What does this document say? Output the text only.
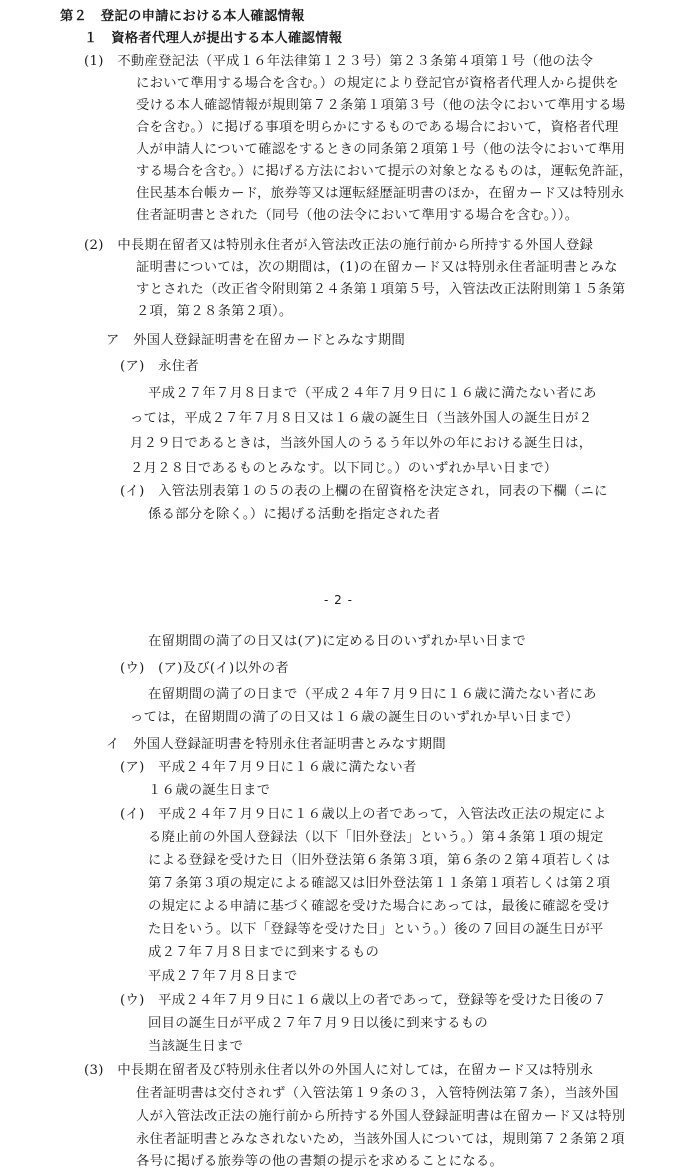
第２　登記の申請における本人確認情報
１　資格者代理人が提出する本人確認情報
(1)　不動産登記法（平成１６年法律第１２３号）第２３条第４項第１号（他の法令
において準用する場合を含む。）の規定により登記官が資格者代理人から提供を
受ける本人確認情報が規則第７２条第１項第３号（他の法令において準用する場
合を含む。）に掲げる事項を明らかにするものである場合において，資格者代理
人が申請人について確認をするときの同条第２項第１号（他の法令において準用
する場合を含む。）に掲げる方法において提示の対象となるものは，運転免許証，
住民基本台帳カード，旅券等又は運転経歴証明書のほか，在留カード又は特別永
住者証明書とされた（同号（他の法令において準用する場合を含む。））。
(2)　中長期在留者又は特別永住者が入管法改正法の施行前から所持する外国人登録
証明書については，次の期間は，(1)の在留カード又は特別永住者証明書とみな
すとされた（改正省令附則第２４条第１項第５号，入管法改正法附則第１５条第
２項，第２８条第２項）。
ア　外国人登録証明書を在留カードとみなす期間
(ア)　永住者
平成２７年７月８日まで（平成２４年７月９日に１６歳に満たない者にあ
っては，平成２７年７月８日又は１６歳の誕生日（当該外国人の誕生日が２
月２９日であるときは，当該外国人のうるう年以外の年における誕生日は，
２月２８日であるものとみなす。以下同じ。）のいずれか早い日まで）
(イ)　入管法別表第１の５の表の上欄の在留資格を決定され，同表の下欄（ニに
係る部分を除く。）に掲げる活動を指定された者
- 2 -
在留期間の満了の日又は(ア)に定める日のいずれか早い日まで
(ウ)　(ア)及び(イ)以外の者
在留期間の満了の日まで（平成２４年７月９日に１６歳に満たない者にあ
っては，在留期間の満了の日又は１６歳の誕生日のいずれか早い日まで）
イ　外国人登録証明書を特別永住者証明書とみなす期間
(ア)　平成２４年７月９日に１６歳に満たない者
１６歳の誕生日まで
(イ)　平成２４年７月９日に１６歳以上の者であって，入管法改正法の規定によ
る廃止前の外国人登録法（以下「旧外登法」という。）第４条第１項の規定
による登録を受けた日（旧外登法第６条第３項，第６条の２第４項若しくは
第７条第３項の規定による確認又は旧外登法第１１条第１項若しくは第２項
の規定による申請に基づく確認を受けた場合にあっては，最後に確認を受け
た日をいう。以下「登録等を受けた日」という。）後の７回目の誕生日が平
成２７年７月８日までに到来するもの
平成２７年７月８日まで
(ウ)　平成２４年７月９日に１６歳以上の者であって，登録等を受けた日後の７
回目の誕生日が平成２７年７月９日以後に到来するもの
当該誕生日まで
(3)　中長期在留者及び特別永住者以外の外国人に対しては，在留カード又は特別永
住者証明書は交付されず（入管法第１９条の３，入管特例法第７条），当該外国
人が入管法改正法の施行前から所持する外国人登録証明書は在留カード又は特別
永住者証明書とみなされないため，当該外国人については，規則第７２条第２項
各号に掲げる旅券等の他の書類の提示を求めることになる。
